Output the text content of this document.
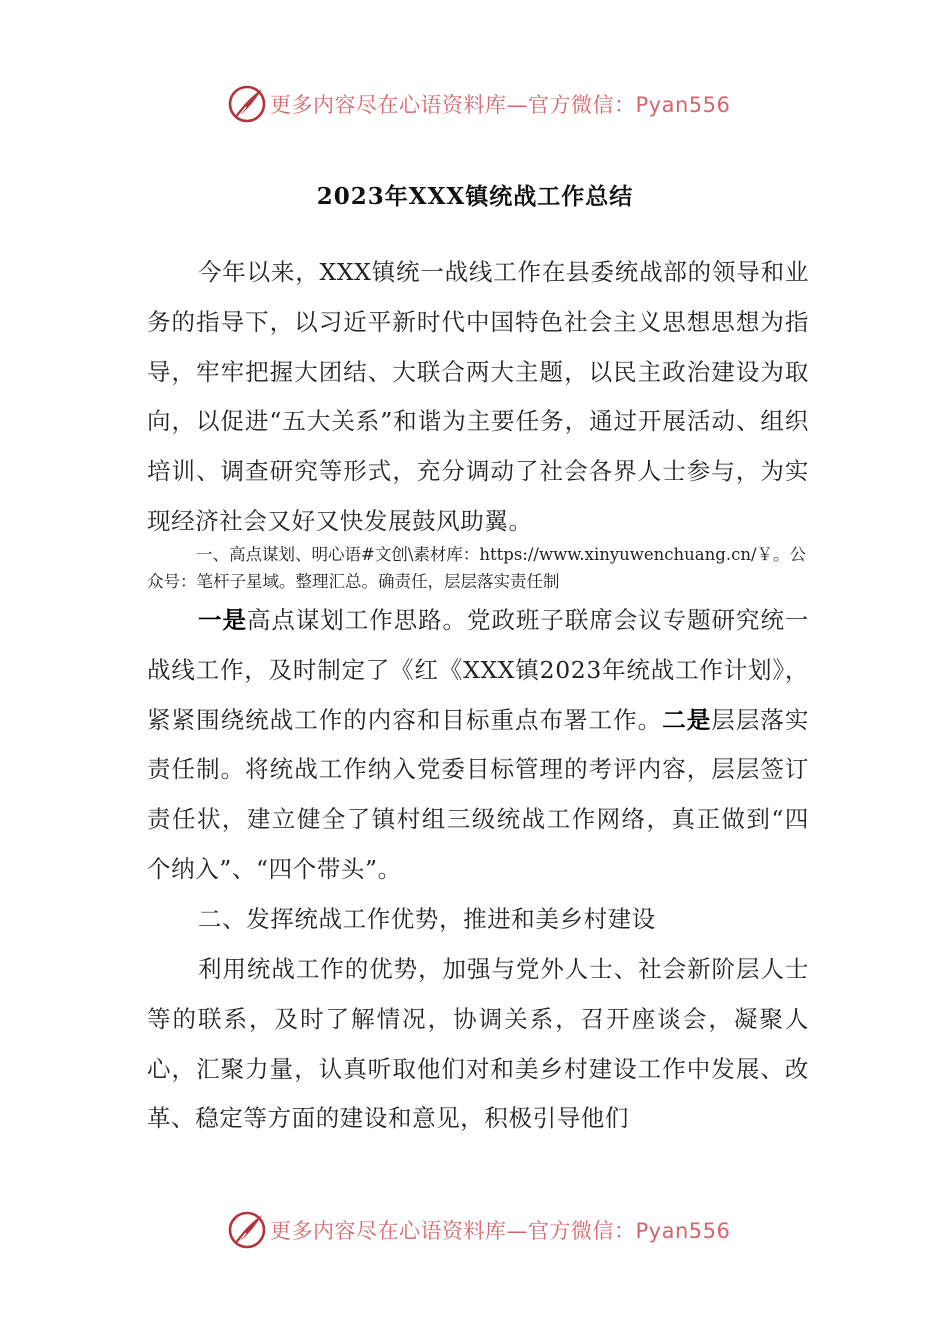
更多内容尽在心语资料库—官方微信：Pyan556
2023年XXX镇统战工作总结

今年以来，XXX镇统一战线工作在县委统战部的领导和业务的指导下，以习近平新时代中国特色社会主义思想思想为指导，牢牢把握大团结、大联合两大主题，以民主政治建设为取向，以促进“五大关系”和谐为主要任务，通过开展活动、组织培训、调查研究等形式，充分调动了社会各界人士参与，为实现经济社会又好又快发展鼓风助翼。

一、高点谋划、明心语#文创\素材库：https://www.xinyuwenchuang.cn/￥。公众号：笔杆子星域。整理汇总。确责任，层层落实责任制

一是高点谋划工作思路。党政班子联席会议专题研究统一战线工作，及时制定了《红《XXX镇2023年统战工作计划》，紧紧围绕统战工作的内容和目标重点布署工作。二是层层落实责任制。将统战工作纳入党委目标管理的考评内容，层层签订责任状，建立健全了镇村组三级统战工作网络，真正做到“四个纳入”、“四个带头”。

二、发挥统战工作优势，推进和美乡村建设

利用统战工作的优势，加强与党外人士、社会新阶层人士等的联系，及时了解情况，协调关系，召开座谈会，凝聚人心，汇聚力量，认真听取他们对和美乡村建设工作中发展、改革、稳定等方面的建设和意见，积极引导他们

更多内容尽在心语资料库—官方微信：Pyan556
